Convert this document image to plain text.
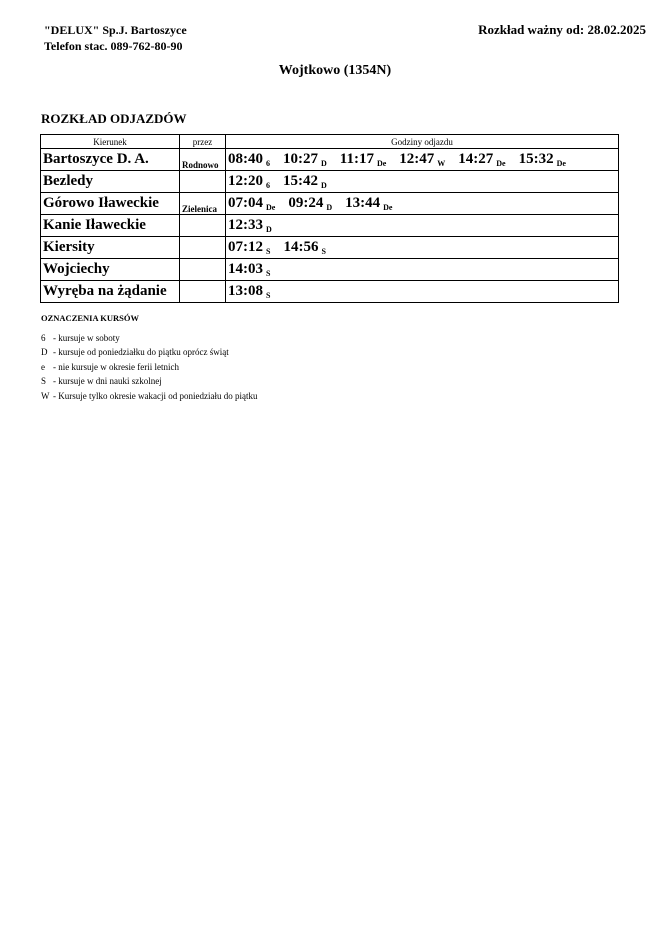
"DELUX" Sp.J. Bartoszyce
Telefon stac. 089-762-80-90
Rozkład ważny od: 28.02.2025
Wojtkowo (1354N)
ROZKŁAD ODJAZDÓW
Kierunek	przez	Godziny odjazdu
Bartoszyce D. A.	Rodnowo	08:40 $_6$ 10:27 $_D$ 11:17 $_{De}$ 12:47 $_W$ 14:27 $_{De}$ 15:32 $_{De}$
Bezledy		12:20 $_6$ 15:42 $_D$
Górowo Iławeckie	Zielenica	07:04 $_{De}$ 09:24 $_D$ 13:44 $_{De}$
Kanie Iławeckie		12:33 $_D$
Kiersity		07:12 $_S$ 14:56 $_S$
Wojciechy		14:03 $_S$
Wyręba na żądanie		13:08 $_S$
OZNACZENIA KURSÓW
6 - kursuje w soboty
D - kursuje od poniedziałku do piątku oprócz świąt
e - nie kursuje w okresie ferii letnich
S - kursuje w dni nauki szkolnej
W - Kursuje tylko okresie wakacji od poniedziału do piątku
